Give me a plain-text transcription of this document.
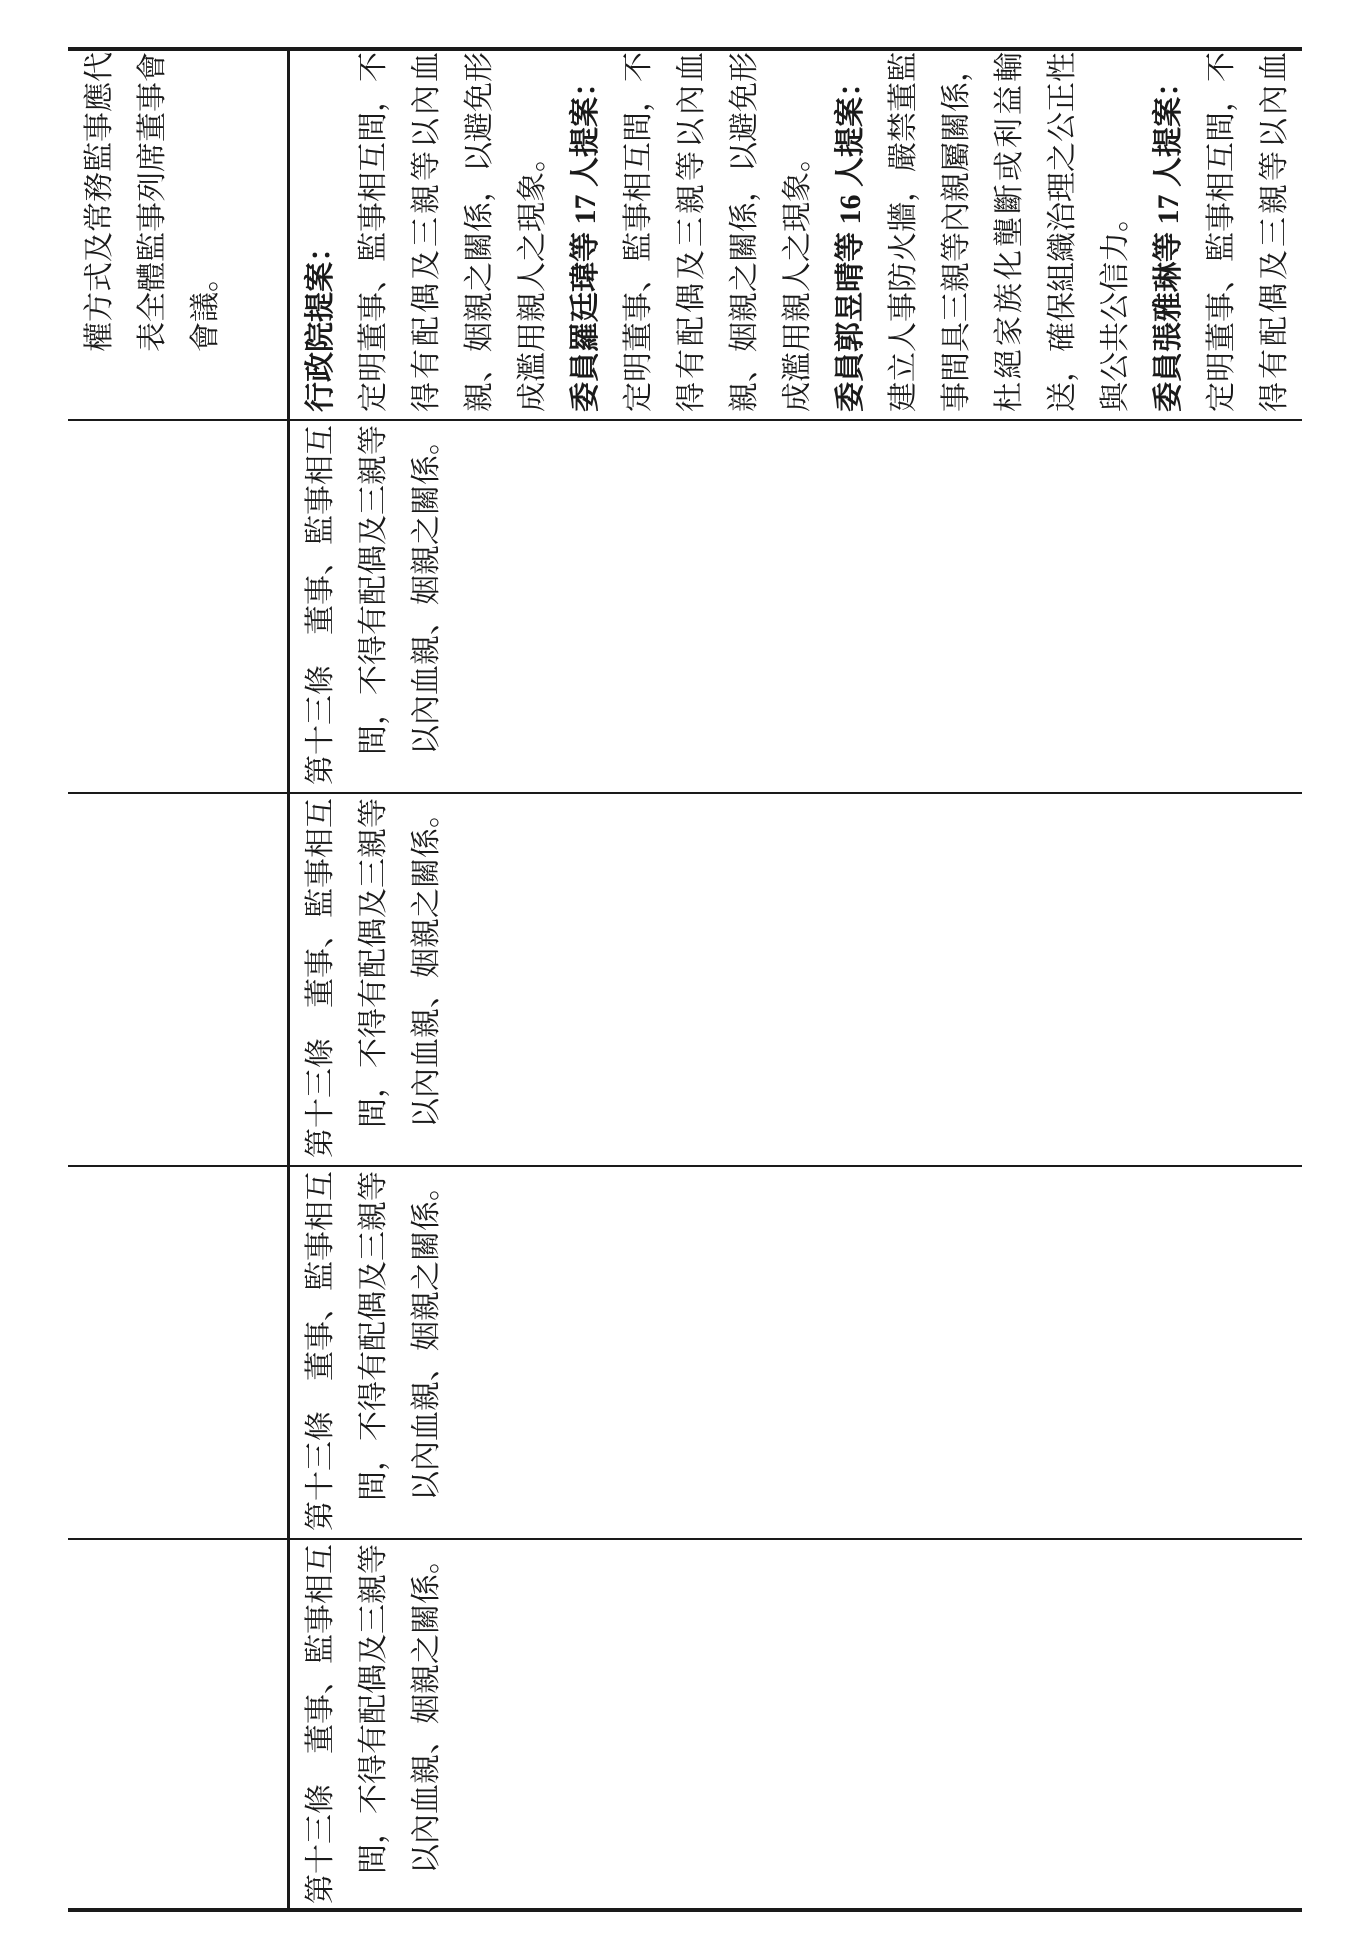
權方式及常務監事應代 表全體監事列席董事會 會議。
第十三條　董事、監事相互 間，不得有配偶及三親等 以內血親、姻親之關係。
第十三條　董事、監事相互 間，不得有配偶及三親等 以內血親、姻親之關係。
第十三條　董事、監事相互 間，不得有配偶及三親等 以內血親、姻親之關係。
第十三條　董事、監事相互 間，不得有配偶及三親等 以內血親、姻親之關係。
行政院提案： 定明董事、監事相互間，不 得有配偶及三親等以內血 親、姻親之關係，以避免形 成濫用親人之現象。 委員羅廷瑋等 17 人提案： 定明董事、監事相互間，不 得有配偶及三親等以內血 親、姻親之關係，以避免形 成濫用親人之現象。 委員郭昱晴等 16 人提案： 建立人事防火牆，嚴禁董監 事間具三親等內親屬關係， 杜絕家族化壟斷或利益輸 送，確保組織治理之公正性 與公共公信力。 委員張雅琳等 17 人提案： 定明董事、監事相互間，不 得有配偶及三親等以內血
